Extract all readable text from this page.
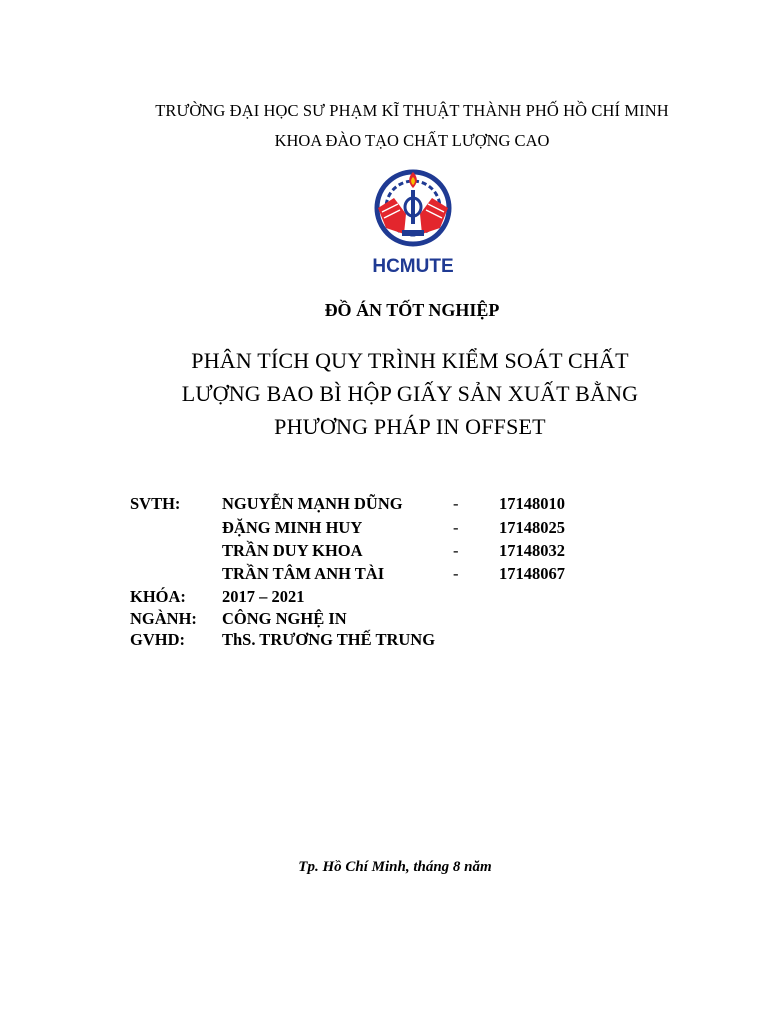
TRƯỜNG ĐẠI HỌC SƯ PHẠM KĨ THUẬT THÀNH PHỐ HỒ CHÍ MINH
KHOA ĐÀO TẠO CHẤT LƯỢNG CAO
HCMUTE
ĐỒ ÁN TỐT NGHIỆP
PHÂN TÍCH QUY TRÌNH KIỂM SOÁT CHẤT
LƯỢNG BAO BÌ HỘP GIẤY SẢN XUẤT BẰNG
PHƯƠNG PHÁP IN OFFSET
SVTH:	NGUYỄN MẠNH DŨNG	- 17148010
ĐẶNG MINH HUY	- 17148025
TRẦN DUY KHOA	- 17148032
TRẦN TÂM ANH TÀI	- 17148067
KHÓA: 2017 – 2021
NGÀNH: CÔNG NGHỆ IN
GVHD: ThS. TRƯƠNG THẾ TRUNG
Tp. Hồ Chí Minh, tháng 8 năm
